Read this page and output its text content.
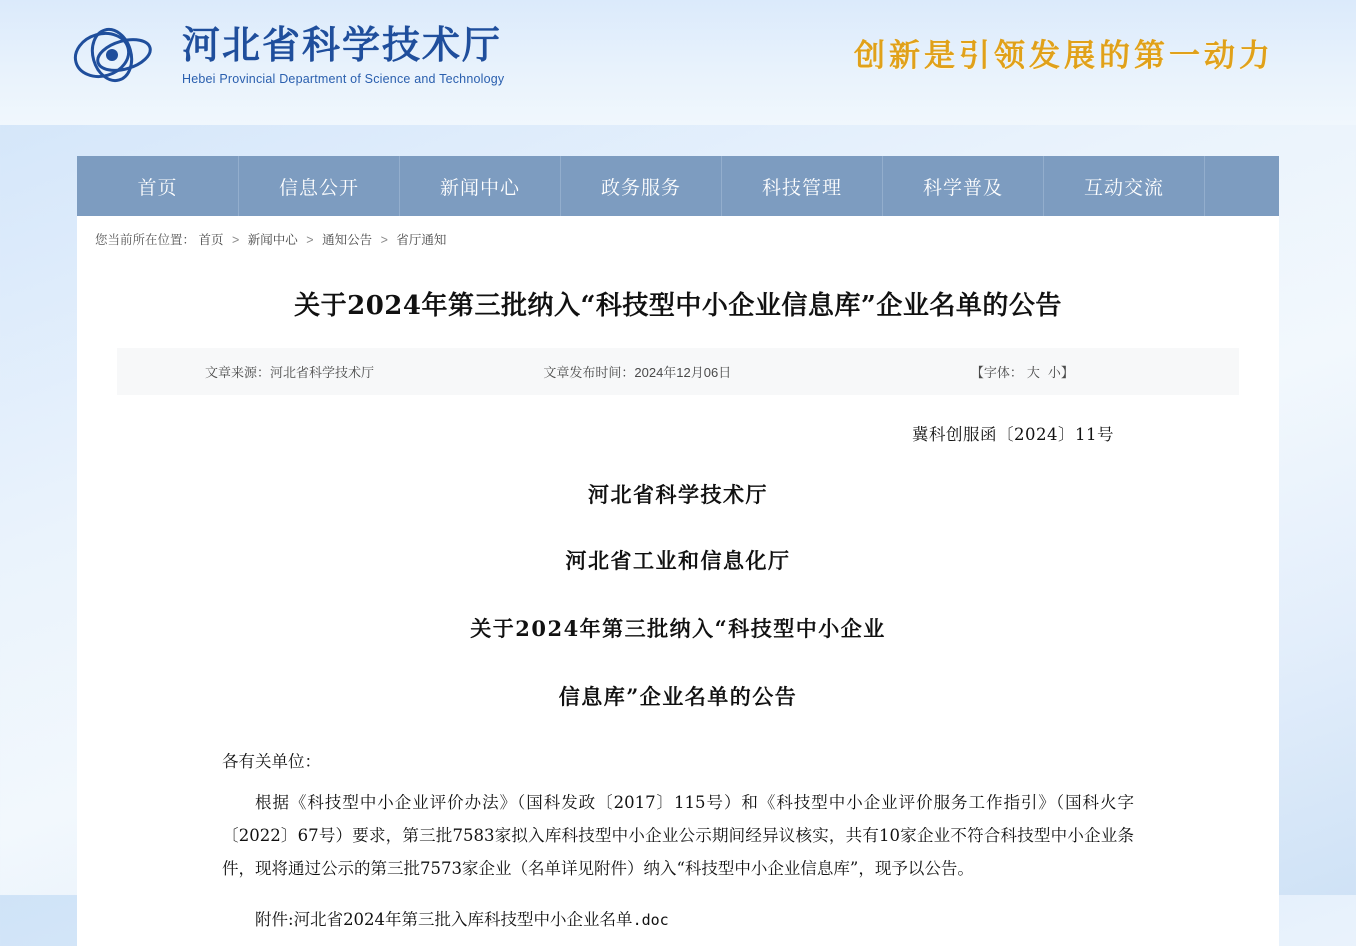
河北省科学技术厅
Hebei Provincial Department of Science and Technology
创新是引领发展的第一动力
首页	信息公开	新闻中心	政务服务	科技管理	科学普及	互动交流
您当前所在位置： 首页 > 新闻中心 > 通知公告 > 省厅通知
关于2024年第三批纳入“科技型中小企业信息库”企业名单的公告
文章来源：河北省科学技术厅	文章发布时间：2024年12月06日	【字体： 大 小】
冀科创服函〔2024〕11号
河北省科学技术厅
河北省工业和信息化厅
关于2024年第三批纳入“科技型中小企业
信息库”企业名单的公告
各有关单位：
根据《科技型中小企业评价办法》（国科发政〔2017〕115号）和《科技型中小企业评价服务工作指引》（国科火字〔2022〕67号）要求，第三批7583家拟入库科技型中小企业公示期间经异议核实，共有10家企业不符合科技型中小企业条件，现将通过公示的第三批7573家企业（名单详见附件）纳入“科技型中小企业信息库”，现予以公告。
附件:河北省2024年第三批入库科技型中小企业名单.doc
